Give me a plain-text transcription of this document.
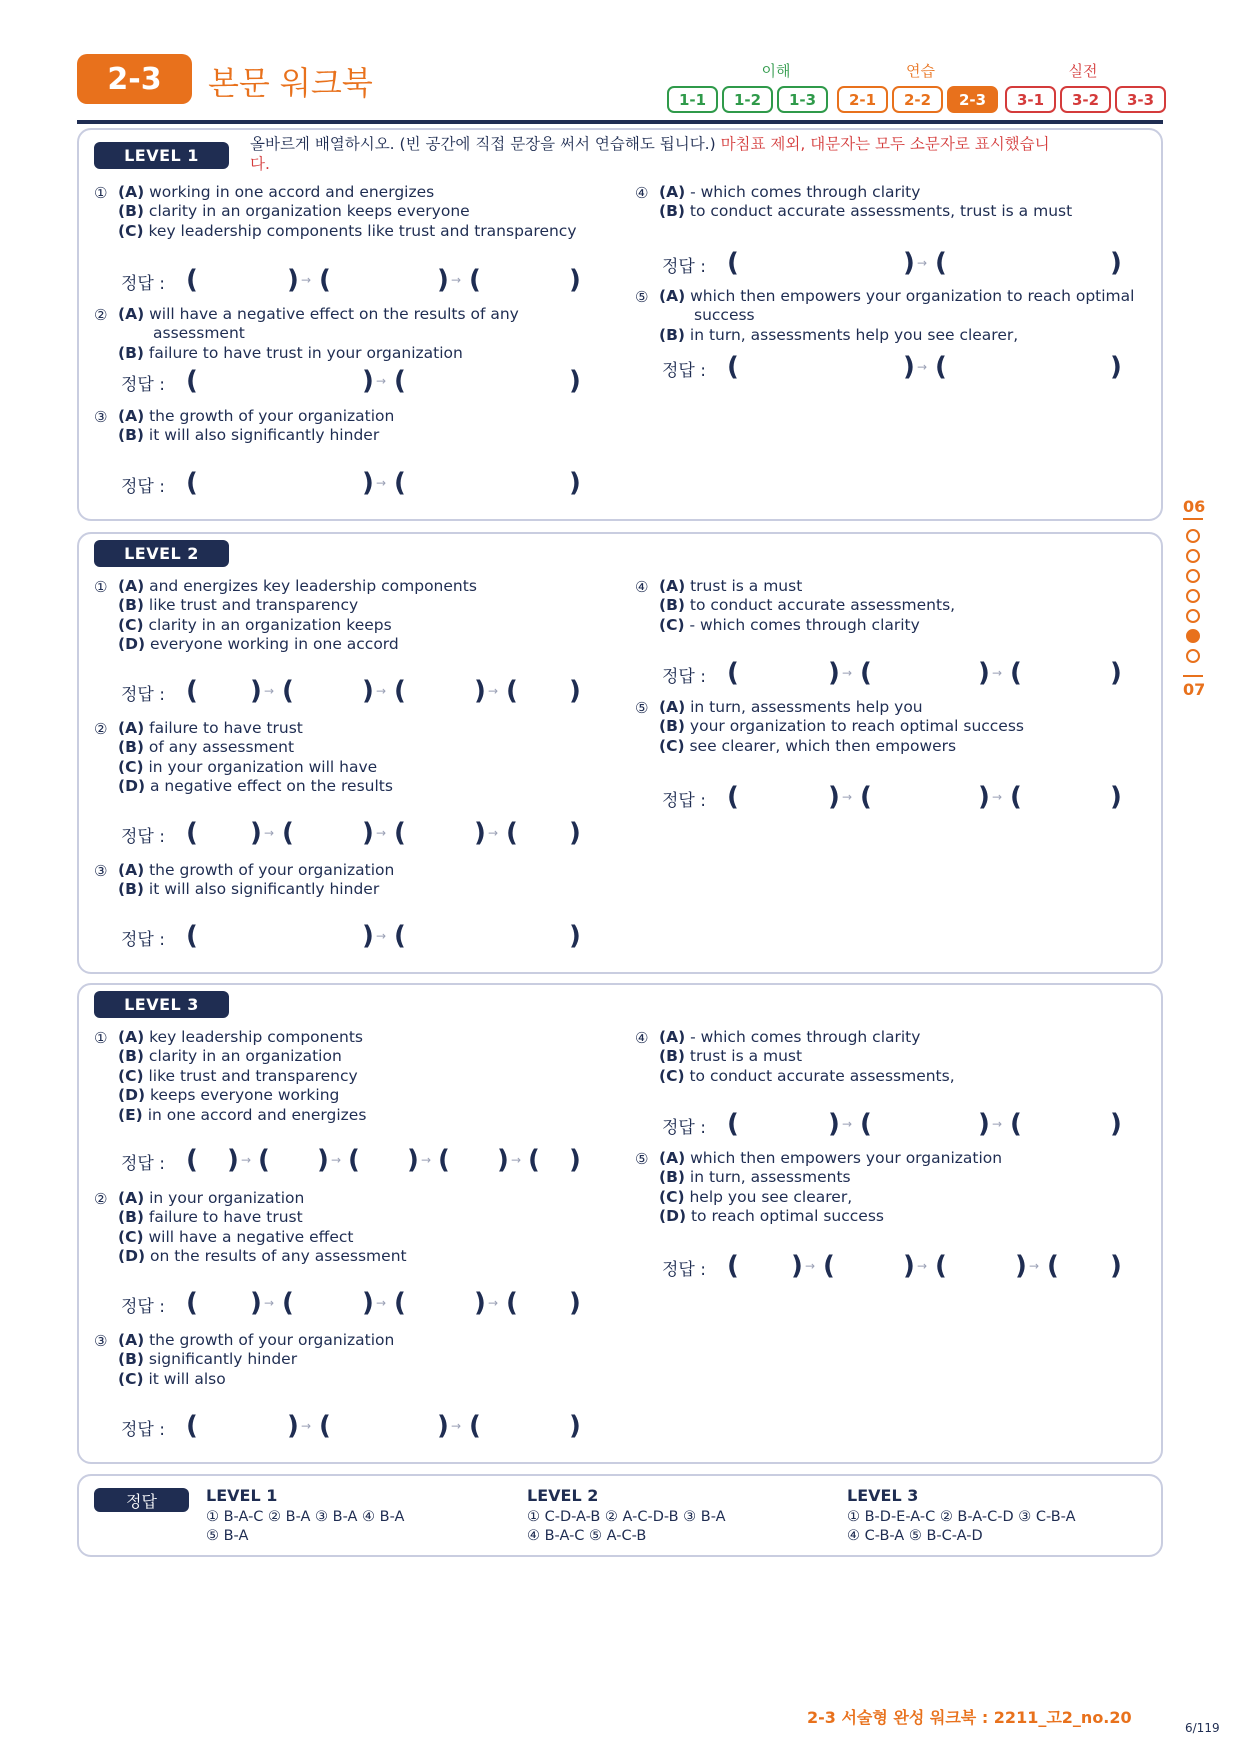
2-3	본문 워크북	이해	연습	실전
1-1	1-2	1-3	2-1	2-2	2-3	3-1	3-2	3-3
LEVEL 1
올바르게 배열하시오. (빈 공간에 직접 문장을 써서 연습해도 됩니다.) 마침표 제외, 대문자는 모두 소문자로 표시했습니
다.
① (A) working in one accord and energizes
(B) clarity in an organization keeps everyone
(C) key leadership components like trust and transparency
정답 : (	) → (	) → (	)
② (A) will have a negative effect on the results of any
assessment
(B) failure to have trust in your organization
정답 : (	) → (	)
③ (A) the growth of your organization
(B) it will also significantly hinder
정답 : (	) → (	)
④ (A) - which comes through clarity
(B) to conduct accurate assessments, trust is a must
정답 : (	) → (	)
⑤ (A) which then empowers your organization to reach optimal
success
(B) in turn, assessments help you see clearer,
정답 : (	) → (	)
LEVEL 2
① (A) and energizes key leadership components
(B) like trust and transparency
(C) clarity in an organization keeps
(D) everyone working in one accord
정답 : ( ) → (	) → (	) → ( )
② (A) failure to have trust
(B) of any assessment
(C) in your organization will have
(D) a negative effect on the results
정답 : ( ) → (	) → (	) → ( )
③ (A) the growth of your organization
(B) it will also significantly hinder
정답 : (	) → (	)
④ (A) trust is a must
(B) to conduct accurate assessments,
(C) - which comes through clarity
정답 : (	) → (	) → (	)
⑤ (A) in turn, assessments help you
(B) your organization to reach optimal success
(C) see clearer, which then empowers
정답 : (	) → (	) → (	)
LEVEL 3
① (A) key leadership components
(B) clarity in an organization
(C) like trust and transparency
(D) keeps everyone working
(E) in one accord and energizes
정답 : ( ) → ( ) → ( ) → ( ) → ( )
② (A) in your organization
(B) failure to have trust
(C) will have a negative effect
(D) on the results of any assessment
정답 : ( ) → (	) → (	) → ( )
③ (A) the growth of your organization
(B) significantly hinder
(C) it will also
정답 : (	) → (	) → (	)
④ (A) - which comes through clarity
(B) trust is a must
(C) to conduct accurate assessments,
정답 : (	) → (	) → (	)
⑤ (A) which then empowers your organization
(B) in turn, assessments
(C) help you see clearer,
(D) to reach optimal success
정답 : ( ) → (	) → (	) → ( )
정답	LEVEL 1
① B-A-C ② B-A ③ B-A ④ B-A
⑤ B-A
LEVEL 2
① C-D-A-B ② A-C-D-B ③ B-A
④ B-A-C ⑤ A-C-B
LEVEL 3
① B-D-E-A-C ② B-A-C-D ③ C-B-A
④ C-B-A ⑤ B-C-A-D
06
07
2-3 서술형 완성 워크북 : 2211_고2_no.20
6/119
